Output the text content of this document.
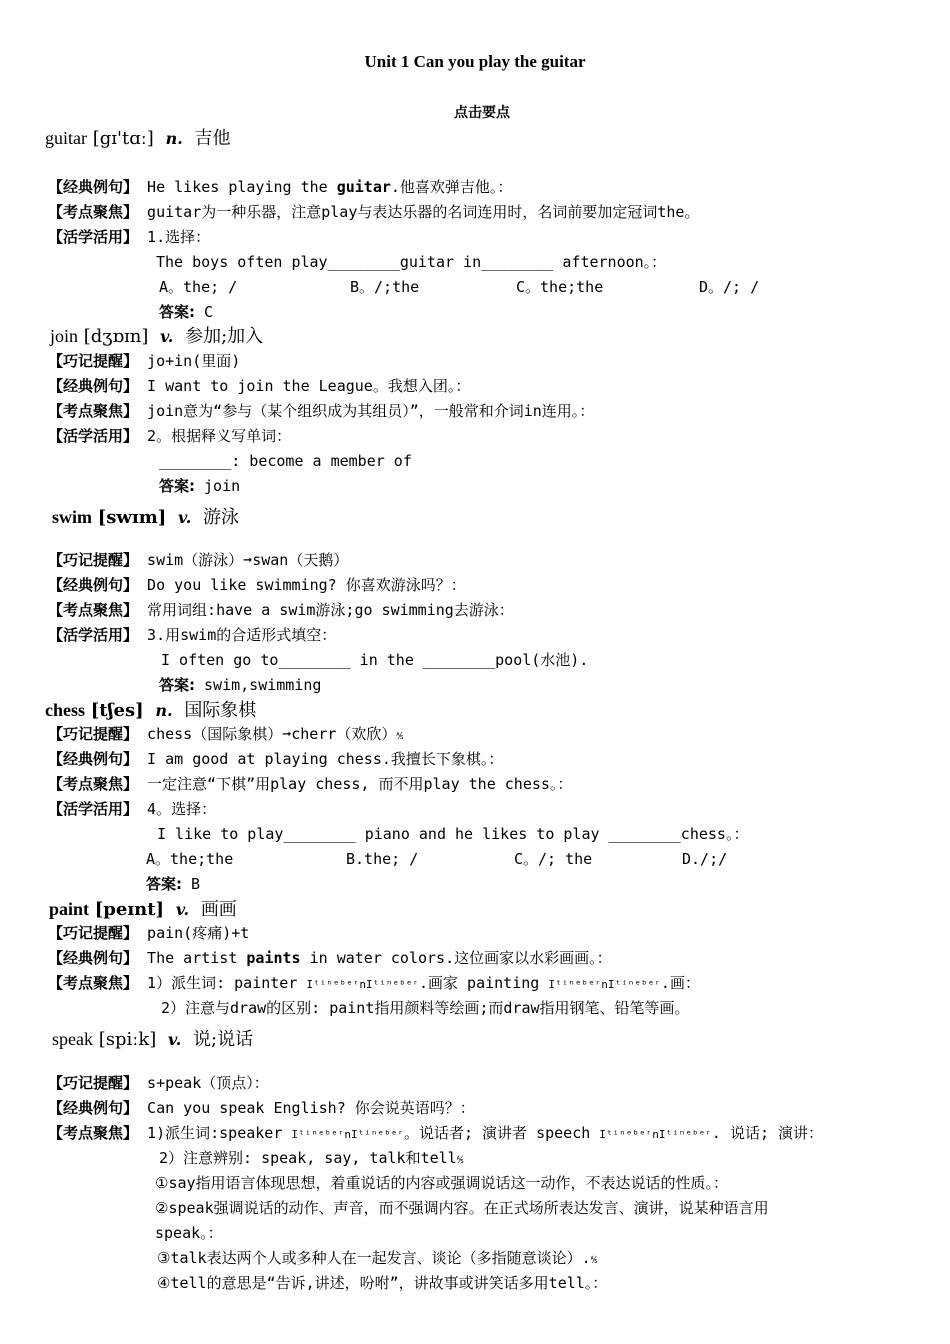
Unit 1 Can you play the guitar
点击要点
guitar [gɪ'tɑː] n. 吉他
【经典例句】 He likes playing the guitar.他喜欢弹吉他。：
【考点聚焦】 guitar为一种乐器，注意play与表达乐器的名词连用时，名词前要加定冠词the。
【活学活用】 1.选择：
The boys often play________guitar in________ afternoon。：
A。the; /	B。/;the	C。the;the	D。/; /
答案: C
join [dʒɒɪn] v. 参加;加入
【巧记提醒】 jo+in(里面)
【经典例句】 I want to join the League。我想入团。：
【考点聚焦】 join意为“参与（某个组织成为其组员）”，一般常和介词in连用。：
【活学活用】 2。根据释义写单词：
________: become a member of
答案: join
swim [swɪm] v. 游泳
【巧记提醒】 swim（游泳）➞swan（天鹅）
【经典例句】 Do you like swimming? 你喜欢游泳吗？：
【考点聚焦】 常用词组:have a swim游泳;go swimming去游泳：
【活学活用】 3.用swim的合适形式填空：
I often go to________ in the ________pool(水池).
答案: swim,swimming
chess [tʃes] n. 国际象棋
【巧记提醒】 chess（国际象棋）➞cherr（欢欣）⅍
【经典例句】 I am good at playing chess.我擅长下象棋。：
【考点聚焦】 一定注意“下棋”用play chess, 而不用play the chess。：
【活学活用】 4。选择：
I like to play________ piano and he likes to play ________chess。：
A。the;the	B.the; /	C。/; the	D./;/
答案: B
paint [peɪnt] v. 画画
【巧记提醒】 pain(疼痛)+t
【经典例句】 The artist paints in water colors.这位画家以水彩画画。：
【考点聚焦】 1）派生词: painter IᵗⁱⁿᵉᵇᵉʳnIᵗⁱⁿᵉᵇᵉʳ.画家 painting IᵗⁱⁿᵉᵇᵉʳnIᵗⁱⁿᵉᵇᵉʳ.画：
2）注意与draw的区别: paint指用颜料等绘画;而draw指用钢笔、铅笔等画。
speak [spiːk] v. 说;说话
【巧记提醒】 s+peak（顶点）：
【经典例句】 Can you speak English? 你会说英语吗？：
【考点聚焦】 1)派生词:speaker IᵗⁱⁿᵉᵇᵉʳnIᵗⁱⁿᵉᵇᵉʳ。说话者; 演讲者 speech IᵗⁱⁿᵉᵇᵉʳnIᵗⁱⁿᵉᵇᵉʳ. 说话; 演讲：
2）注意辨别: speak, say, talk和tell⅍
①say指用语言体现思想，着重说话的内容或强调说话这一动作，不表达说话的性质。：
②speak强调说话的动作、声音，而不强调内容。在正式场所表达发言、演讲，说某种语言用
speak。：
③talk表达两个人或多种人在一起发言、谈论（多指随意谈论）.⅍
④tell的意思是“告诉,讲述，吩咐”，讲故事或讲笑话多用tell。：
